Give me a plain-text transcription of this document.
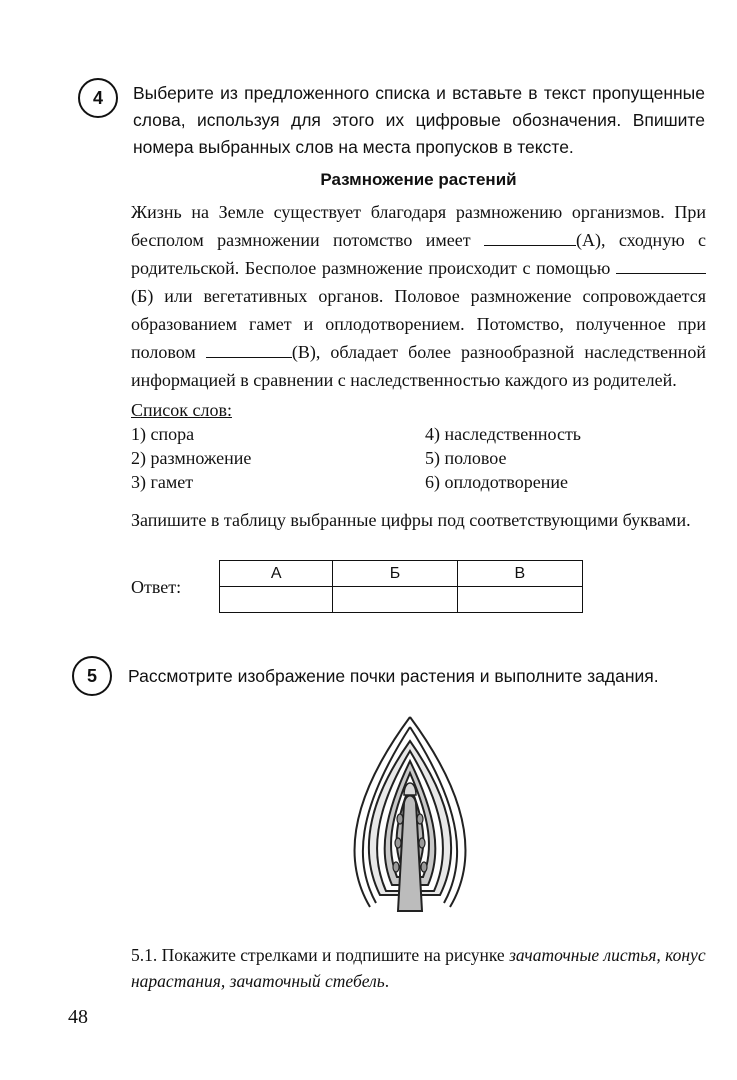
4 Выберите из предложенного списка и вставьте в текст пропущенные слова, используя для этого их цифровые обозначения. Впишите номера выбранных слов на места пропусков в тексте.
Размножение растений
Жизнь на Земле существует благодаря размножению организмов. При бесполом размножении потомство имеет	(А), сходную с родительской. Бесполое размножение происходит с помощью (Б) или вегетативных органов. Половое размножение сопровождается образованием гамет и оплодотворением. Потомство, полученное при половом	(В), обладает более разнообразной наследственной информацией в сравнении с наследственностью каждого из родителей.
Список слов:
1) спора
2) размножение
3) гамет
4) наследственность
5) половое
6) оплодотворение
Запишите в таблицу выбранные цифры под соответствующими буквами.
Ответ:
А	Б	В

5 Рассмотрите изображение почки растения и выполните задания.
5.1. Покажите стрелками и подпишите на рисунке зачаточные листья, конус нарастания, зачаточный стебель.
48
